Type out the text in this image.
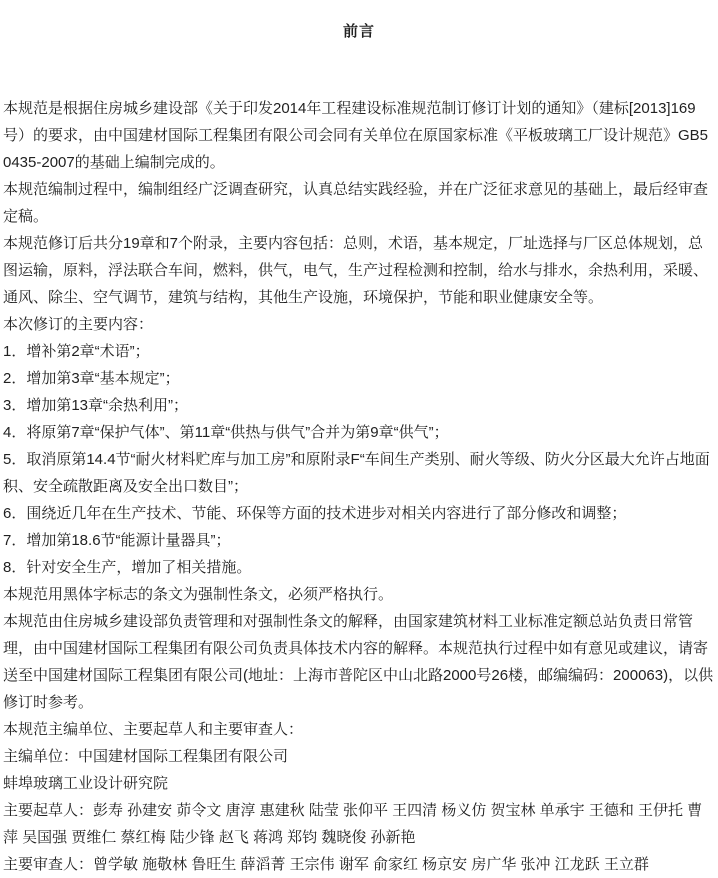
前言

本规范是根据住房城乡建设部《关于印发2014年工程建设标准规范制订修订计划的通知》（建标[2013]169号）的要求，由中国建材国际工程集团有限公司会同有关单位在原国家标准《平板玻璃工厂设计规范》GB50435-2007的基础上编制完成的。

本规范编制过程中，编制组经广泛调查研究，认真总结实践经验，并在广泛征求意见的基础上，最后经审查定稿。

本规范修订后共分19章和7个附录，主要内容包括：总则，术语，基本规定，厂址选择与厂区总体规划，总图运输，原料，浮法联合车间，燃料，供气，电气，生产过程检测和控制，给水与排水，余热利用，采暖、通风、除尘、空气调节，建筑与结构，其他生产设施，环境保护，节能和职业健康安全等。

本次修订的主要内容：

1．增补第2章“术语”；

2．增加第3章“基本规定”；

3．增加第13章“余热利用”；

4．将原第7章“保护气体”、第11章“供热与供气”合并为第9章“供气”；

5．取消原第14.4节“耐火材料贮库与加工房”和原附录F“车间生产类别、耐火等级、防火分区最大允许占地面积、安全疏散距离及安全出口数目”；

6．围绕近几年在生产技术、节能、环保等方面的技术进步对相关内容进行了部分修改和调整；

7．增加第18.6节“能源计量器具”；

8．针对安全生产，增加了相关措施。

本规范用黑体字标志的条文为强制性条文，必须严格执行。

本规范由住房城乡建设部负责管理和对强制性条文的解释，由国家建筑材料工业标准定额总站负责日常管理，由中国建材国际工程集团有限公司负责具体技术内容的解释。本规范执行过程中如有意见或建议，请寄送至中国建材国际工程集团有限公司(地址：上海市普陀区中山北路2000号26楼，邮编编码：200063)，以供修订时参考。

本规范主编单位、主要起草人和主要审查人：

主编单位：中国建材国际工程集团有限公司

蚌埠玻璃工业设计研究院

主要起草人：彭寿 孙建安 茆令文 唐淳 惠建秋 陆莹 张仰平 王四清 杨义仿 贺宝林 单承宇 王德和 王伊托 曹萍 吴国强 贾维仁 蔡红梅 陆少锋 赵飞 蒋鸿 郑钧 魏晓俊 孙新艳

主要审查人：曾学敏 施敬林 鲁旺生 薛滔菁 王宗伟 谢军 俞家红 杨京安 房广华 张冲 江龙跃 王立群
